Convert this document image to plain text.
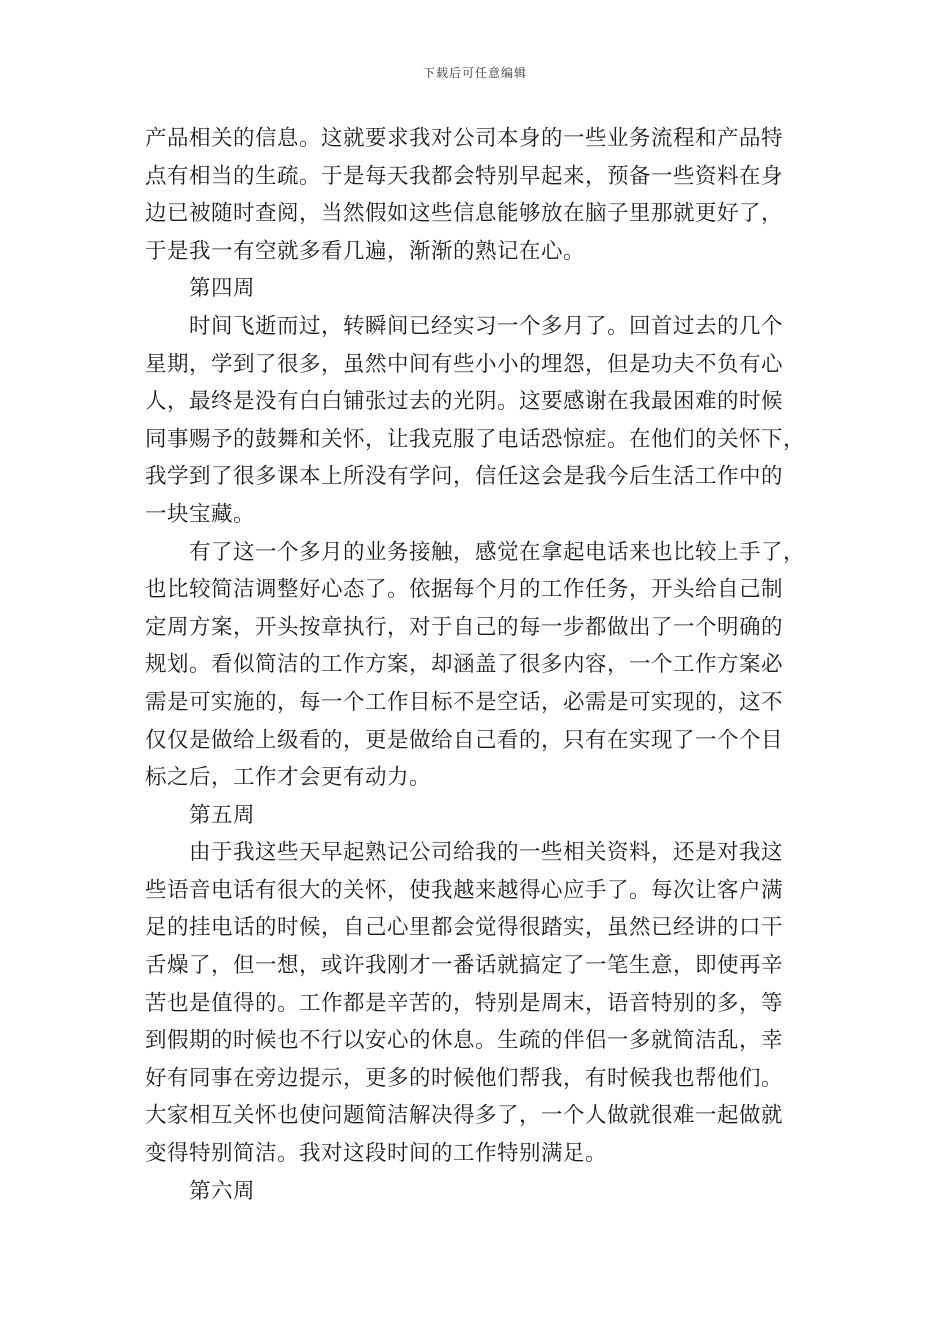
下载后可任意编辑
产品相关的信息。这就要求我对公司本身的一些业务流程和产品特
点有相当的生疏。于是每天我都会特别早起来，预备一些资料在身
边已被随时查阅，当然假如这些信息能够放在脑子里那就更好了，
于是我一有空就多看几遍，渐渐的熟记在心。
第四周
时间飞逝而过，转瞬间已经实习一个多月了。回首过去的几个
星期，学到了很多，虽然中间有些小小的埋怨，但是功夫不负有心
人，最终是没有白白铺张过去的光阴。这要感谢在我最困难的时候
同事赐予的鼓舞和关怀，让我克服了电话恐惊症。在他们的关怀下，
我学到了很多课本上所没有学问，信任这会是我今后生活工作中的
一块宝藏。
有了这一个多月的业务接触，感觉在拿起电话来也比较上手了，
也比较简洁调整好心态了。依据每个月的工作任务，开头给自己制
定周方案，开头按章执行，对于自己的每一步都做出了一个明确的
规划。看似简洁的工作方案，却涵盖了很多内容，一个工作方案必
需是可实施的，每一个工作目标不是空话，必需是可实现的，这不
仅仅是做给上级看的，更是做给自己看的，只有在实现了一个个目
标之后，工作才会更有动力。
第五周
由于我这些天早起熟记公司给我的一些相关资料，还是对我这
些语音电话有很大的关怀，使我越来越得心应手了。每次让客户满
足的挂电话的时候，自己心里都会觉得很踏实，虽然已经讲的口干
舌燥了，但一想，或许我刚才一番话就搞定了一笔生意，即使再辛
苦也是值得的。工作都是辛苦的，特别是周末，语音特别的多，等
到假期的时候也不行以安心的休息。生疏的伴侣一多就简洁乱，幸
好有同事在旁边提示，更多的时候他们帮我，有时候我也帮他们。
大家相互关怀也使问题简洁解决得多了，一个人做就很难一起做就
变得特别简洁。我对这段时间的工作特别满足。
第六周
